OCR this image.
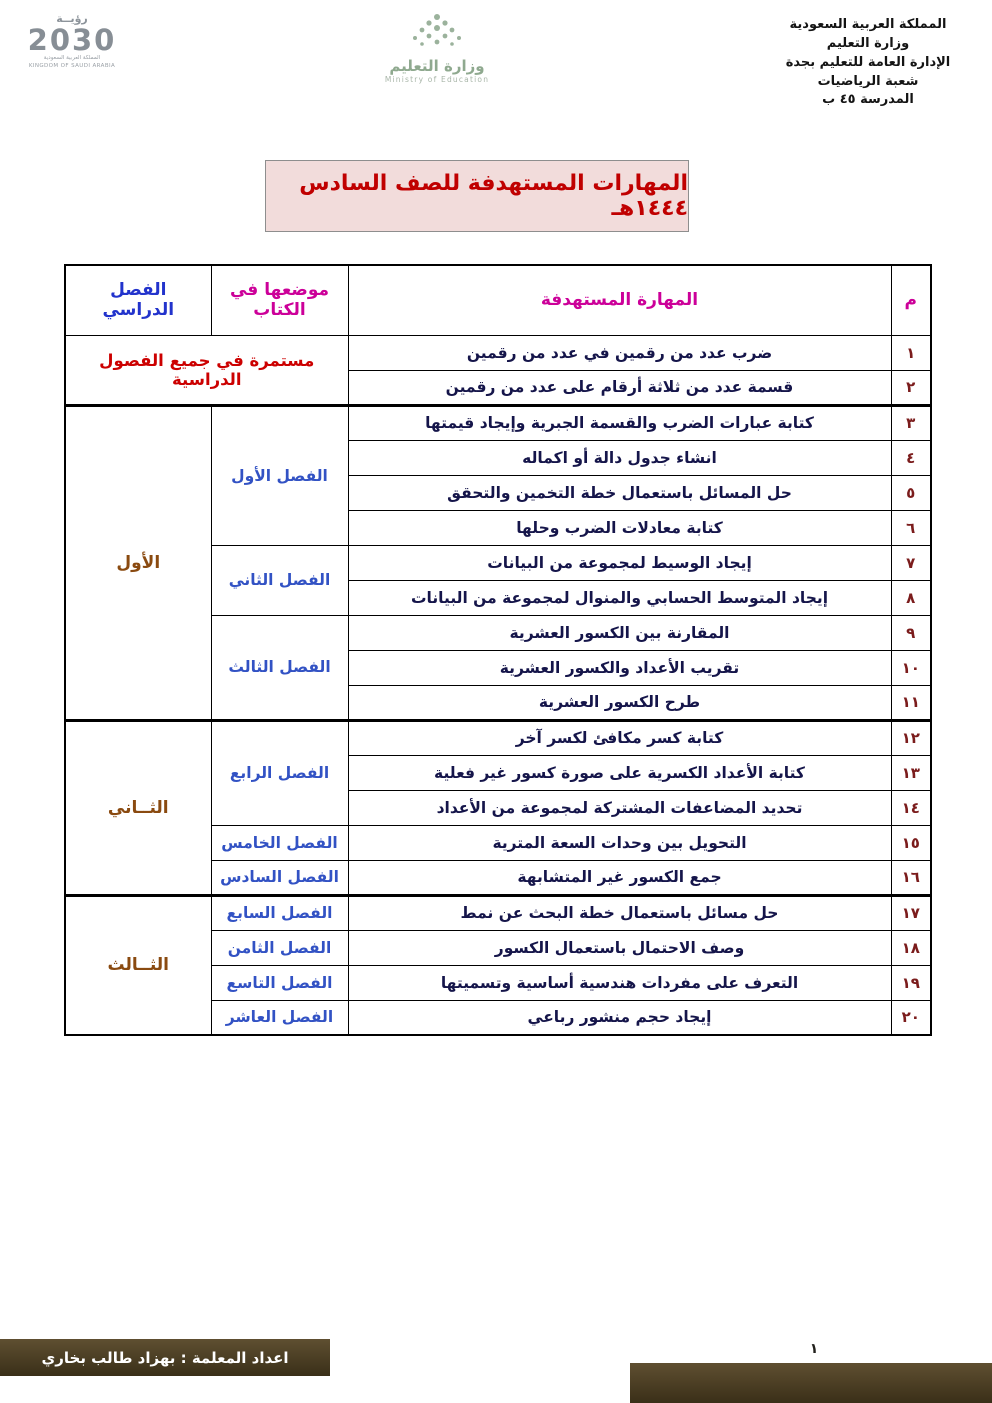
المملكة العربية السعودية
وزارة التعليم
الإدارة العامة للتعليم بجدة
شعبة الرياضيات
المدرسة ٤٥ ب
وزارة التعليم
Ministry of Education
رؤيــة
2030
المملكة العربية السعودية
KINGDOM OF SAUDI ARABIA
المهارات المستهدفة للصف السادس ١٤٤٤هـ
م	المهارة المستهدفة	موضعها في الكتاب	الفصل الدراسي
١	ضرب عدد من رقمين في عدد من رقمين	مستمرة في جميع الفصول الدراسية	
٢	قسمة عدد من ثلاثة أرقام على عدد من رقمين		
٣	كتابة عبارات الضرب والقسمة الجبرية وإيجاد قيمتها	الفصل الأول	الأول
٤	انشاء جدول دالة أو اكماله		
٥	حل المسائل باستعمال خطة التخمين والتحقق		
٦	كتابة معادلات الضرب وحلها		
٧	إيجاد الوسيط لمجموعة من البيانات	الفصل الثاني	
٨	إيجاد المتوسط الحسابي والمنوال لمجموعة من البيانات		
٩	المقارنة بين الكسور العشرية	الفصل الثالث	
١٠	تقريب الأعداد والكسور العشرية		
١١	طرح الكسور العشرية		
١٢	كتابة كسر مكافئ لكسر آخر	الفصل الرابع	الثــاني
١٣	كتابة الأعداد الكسرية على صورة كسور غير فعلية		
١٤	تحديد المضاعفات المشتركة لمجموعة من الأعداد		
١٥	التحويل بين وحدات السعة المترية	الفصل الخامس	
١٦	جمع الكسور غير المتشابهة	الفصل السادس	
١٧	حل مسائل باستعمال خطة البحث عن نمط	الفصل السابع	الثــالث
١٨	وصف الاحتمال باستعمال الكسور	الفصل الثامن	
١٩	التعرف على مفردات هندسية أساسية وتسميتها	الفصل التاسع	
٢٠	إيجاد حجم منشور رباعي	الفصل العاشر	
١
اعداد المعلمة : بهزاد طالب بخاري
